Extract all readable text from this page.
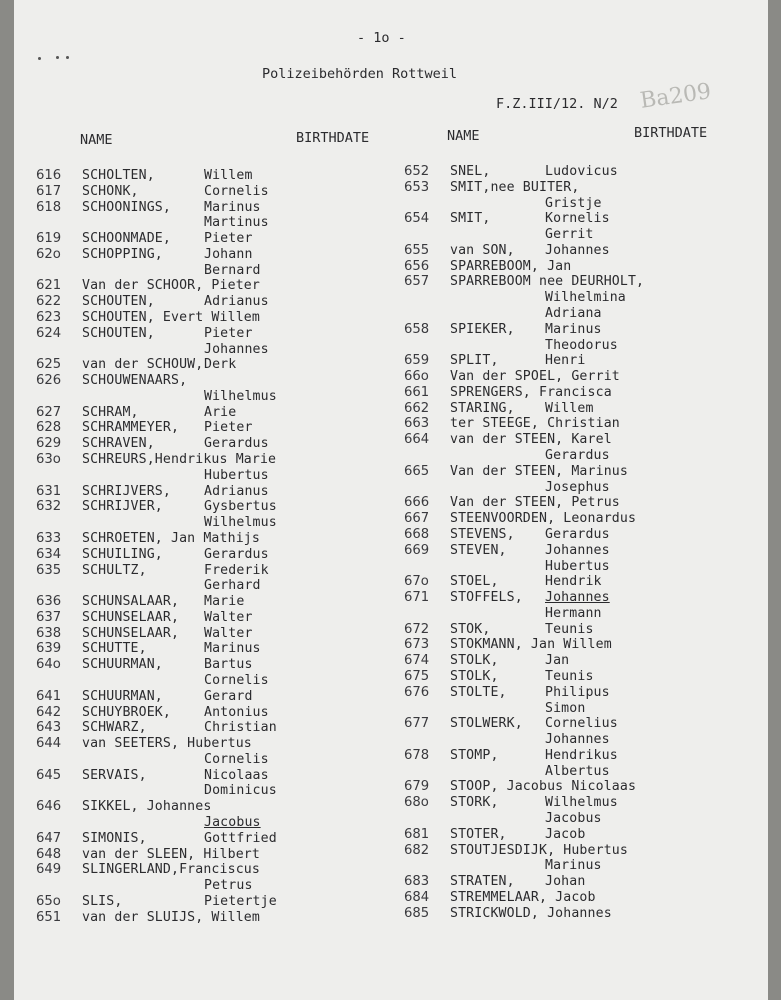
- 1o -
Polizeibehörden Rottweil
F.Z.III/12. N/2 Ba209
NAME	BIRTHDATE	NAME	BIRTHDATE
616 SCHOLTEN,	Willem
617 SCHONK,	Cornelis
618 SCHOONINGS,	Marinus
Martinus
619 SCHOONMADE,	Pieter
62o SCHOPPING,	Johann
Bernard
621 Van der SCHOOR, Pieter
622 SCHOUTEN,	Adrianus
623 SCHOUTEN, Evert Willem
624 SCHOUTEN,	Pieter
Johannes
625 van der SCHOUW, Derk
626 SCHOUWENAARS,
Wilhelmus
627 SCHRAM,	Arie
628 SCHRAMMEYER, Pieter
629 SCHRAVEN,	Gerardus
63o SCHREURS,Hendrikus Marie
Hubertus
631 SCHRIJVERS,	Adrianus
632 SCHRIJVER,	Gysbertus
Wilhelmus
633 SCHROETEN, Jan Mathijs
634 SCHUILING,	Gerardus
635 SCHULTZ,	Frederik
Gerhard
636 SCHUNSALAAR, Marie
637 SCHUNSELAAR, Walter
638 SCHUNSELAAR, Walter
639 SCHUTTE,	Marinus
64o SCHUURMAN,	Bartus
Cornelis
641 SCHUURMAN,	Gerard
642 SCHUYBROEK,	Antonius
643 SCHWARZ,	Christian
644 van SEETERS, Hubertus
Cornelis
645 SERVAIS,	Nicolaas
Dominicus
646 SIKKEL, Johannes
Jacobus
647 SIMONIS,	Gottfried
648 van der SLEEN, Hilbert
649 SLINGERLAND,Franciscus
Petrus
65o SLIS,	Pietertje
651 van der SLUIJS, Willem
652 SNEL,	Ludovicus
653 SMIT,nee BUITER,
Gristje
654 SMIT,	Kornelis
Gerrit
655 van SON, Johannes
656 SPARREBOOM, Jan
657 SPARREBOOM nee DEURHOLT,
Wilhelmina
Adriana
658 SPIEKER, Marinus
Theodorus
659 SPLIT,	Henri
66o Van der SPOEL, Gerrit
661 SPRENGERS, Francisca
662 STARING, Willem
663 ter STEEGE, Christian
664 van der STEEN, Karel
Gerardus
665 Van der STEEN, Marinus
Josephus
666 Van der STEEN, Petrus
667 STEENVOORDEN, Leonardus
668 STEVENS, Gerardus
669 STEVEN,	Johannes
Hubertus
67o STOEL,	Hendrik
671 STOFFELS, Johannes
Hermann
672 STOK,	Teunis
673 STOKMANN, Jan Willem
674 STOLK,	Jan
675 STOLK,	Teunis
676 STOLTE,	Philipus
Simon
677 STOLWERK, Cornelius
Johannes
678 STOMP,	Hendrikus
Albertus
679 STOOP, Jacobus Nicolaas
68o STORK,	Wilhelmus
Jacobus
681 STOTER,	Jacob
682 STOUTJESDIJK, Hubertus
Marinus
683 STRATEN, Johan
684 STREMMELAAR, Jacob
685 STRICKWOLD, Johannes
